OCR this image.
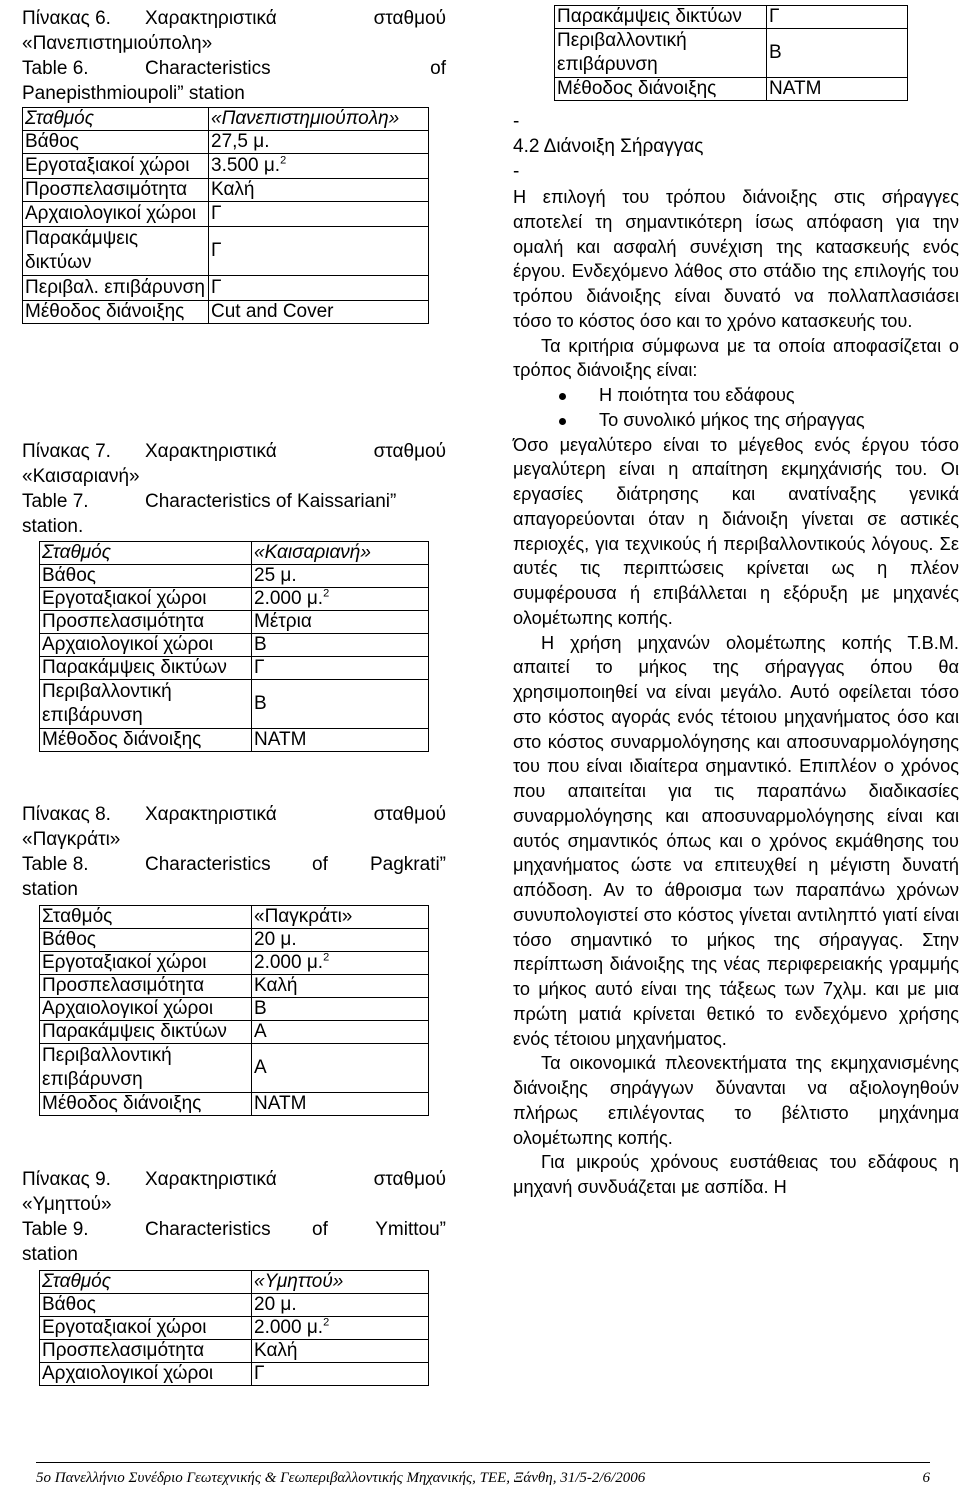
Πίνακας 6. Χαρακτηριστικά	σταθμού
«Πανεπιστημιούπολη»
Table 6.	Characteristics	of
Panepisthmioupoli” station
Σταθμός	«Πανεπιστημιούπολη»
Βάθος	27,5 μ.
Εργοταξιακοί χώροι	3.500 μ.$^2$
Προσπελασιμότητα	Καλή
Αρχαιολογικοί χώροι	Γ
Παρακάμψεις δικτύων	Γ
Περιβαλ. επιβάρυνση	Γ
Μέθοδος διάνοιξης	Cut and Cover
Πίνακας 7. Χαρακτηριστικά	σταθμού
«Καισαριανή»
Table 7.	Characteristics of Kaissariani”
station.
Σταθμός	«Καισαριανή»
Βάθος	25 μ.
Εργοταξιακοί χώροι	2.000 μ.$^2$
Προσπελασιμότητα	Μέτρια
Αρχαιολογικοί χώροι	Β
Παρακάμψεις δικτύων	Γ
Περιβαλλοντική επιβάρυνση	Β
Μέθοδος διάνοιξης	NATM
Πίνακας 8. Χαρακτηριστικά	σταθμού
«Παγκράτι»
Table 8.	Characteristics of Pagkrati”
station
Σταθμός	«Παγκράτι»
Βάθος	20 μ.
Εργοταξιακοί χώροι	2.000 μ.$^2$
Προσπελασιμότητα	Καλή
Αρχαιολογικοί χώροι	Β
Παρακάμψεις δικτύων	Α
Περιβαλλοντική επιβάρυνση	Α
Μέθοδος διάνοιξης	NATM
Πίνακας 9. Χαρακτηριστικά	σταθμού
«Υμηττού»
Table 9.	Characteristics of Ymittou”
station
Σταθμός	«Υμηττού»
Βάθος	20 μ.
Εργοταξιακοί χώροι	2.000 μ.$^2$
Προσπελασιμότητα	Καλή
Αρχαιολογικοί χώροι	Γ
Παρακάμψεις δικτύων	Γ
Περιβαλλοντική επιβάρυνση	Β
Μέθοδος διάνοιξης	NATM
-
4.2 Διάνοιξη Σήραγγας
-

Η επιλογή του τρόπου διάνοιξης στις σήραγγες αποτελεί τη σημαντικότερη ίσως απόφαση για την ομαλή και ασφαλή συνέχιση της κατασκευής ενός έργου. Ενδεχόμενο λάθος στο στάδιο της επιλογής του τρόπου διάνοιξης είναι δυνατό να πολλαπλασιάσει τόσο το κόστος όσο και το χρόνο κατασκευής του.

Τα κριτήρια σύμφωνα με τα οποία αποφασίζεται ο τρόπος διάνοιξης είναι:

Η ποιότητα του εδάφους
Το συνολικό μήκος της σήραγγας

Όσο μεγαλύτερο είναι το μέγεθος ενός έργου τόσο μεγαλύτερη είναι η απαίτηση εκμηχάνισής του. Οι εργασίες διάτρησης και ανατίναξης γενικά απαγορεύονται όταν η διάνοιξη γίνεται σε αστικές περιοχές, για τεχνικούς ή περιβαλλοντικούς λόγους. Σε αυτές τις περιπτώσεις κρίνεται ως η πλέον συμφέρουσα ή επιβάλλεται η εξόρυξη με μηχανές ολομέτωπης κοπής.

Η χρήση μηχανών ολομέτωπης κοπής Τ.Β.Μ. απαιτεί το μήκος της σήραγγας όπου θα χρησιμοποιηθεί να είναι μεγάλο. Αυτό οφείλεται τόσο στο κόστος αγοράς ενός τέτοιου μηχανήματος όσο και στο κόστος συναρμολόγησης και αποσυναρμολόγησης του που είναι ιδιαίτερα σημαντικό. Επιπλέον ο χρόνος που απαιτείται για τις παραπάνω διαδικασίες συναρμολόγησης και αποσυναρμολόγησης είναι και αυτός σημαντικός όπως και ο χρόνος εκμάθησης του μηχανήματος ώστε να επιτευχθεί η μέγιστη δυνατή απόδοση. Αν το άθροισμα των παραπάνω χρόνων συνυπολογιστεί στο κόστος γίνεται αντιληπτό γιατί είναι τόσο σημαντικό το μήκος της σήραγγας. Στην περίπτωση διάνοιξης της νέας περιφερειακής γραμμής το μήκος αυτό είναι της τάξεως των 7χλμ. και με μια πρώτη ματιά κρίνεται θετικό το ενδεχόμενο χρήσης ενός τέτοιου μηχανήματος.

Τα οικονομικά πλεονεκτήματα της εκμηχανισμένης διάνοιξης σηράγγων δύνανται να αξιολογηθούν πλήρως επιλέγοντας το βέλτιστο μηχάνημα ολομέτωπης κοπής.

Για μικρούς χρόνους ευστάθειας του εδάφους η μηχανή συνδυάζεται με ασπίδα. Η

5ο Πανελλήνιο Συνέδριο Γεωτεχνικής & Γεωπεριβαλλοντικής Μηχανικής, ΤΕΕ, Ξάνθη, 31/5-2/6/2006	6
